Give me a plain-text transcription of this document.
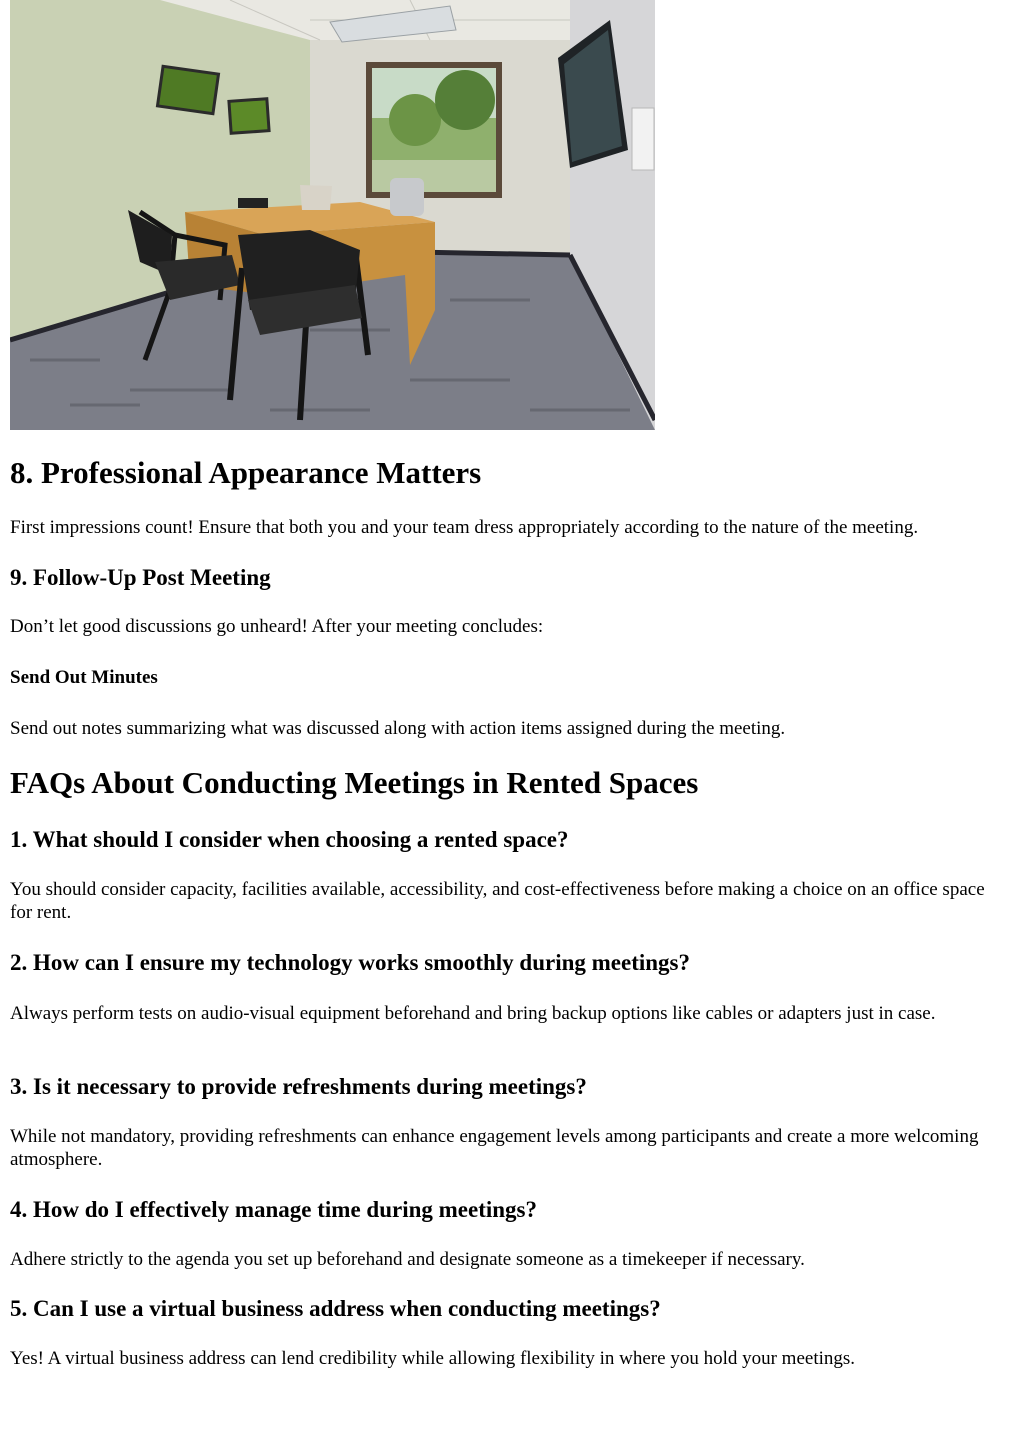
8. Professional Appearance Matters

First impressions count! Ensure that both you and your team dress appropriately according to the nature of the meeting.

9. Follow-Up Post Meeting

Don’t let good discussions go unheard! After your meeting concludes:

Send Out Minutes

Send out notes summarizing what was discussed along with action items assigned during the meeting.

FAQs About Conducting Meetings in Rented Spaces
1. What should I consider when choosing a rented space?

You should consider capacity, facilities available, accessibility, and cost-effectiveness before making a choice on an office space for rent.

2. How can I ensure my technology works smoothly during meetings?

Always perform tests on audio-visual equipment beforehand and bring backup options like cables or adapters just in case.

3. Is it necessary to provide refreshments during meetings?

While not mandatory, providing refreshments can enhance engagement levels among participants and create a more welcoming atmosphere.

4. How do I effectively manage time during meetings?

Adhere strictly to the agenda you set up beforehand and designate someone as a timekeeper if necessary.

5. Can I use a virtual business address when conducting meetings?

Yes! A virtual business address can lend credibility while allowing flexibility in where you hold your meetings.
